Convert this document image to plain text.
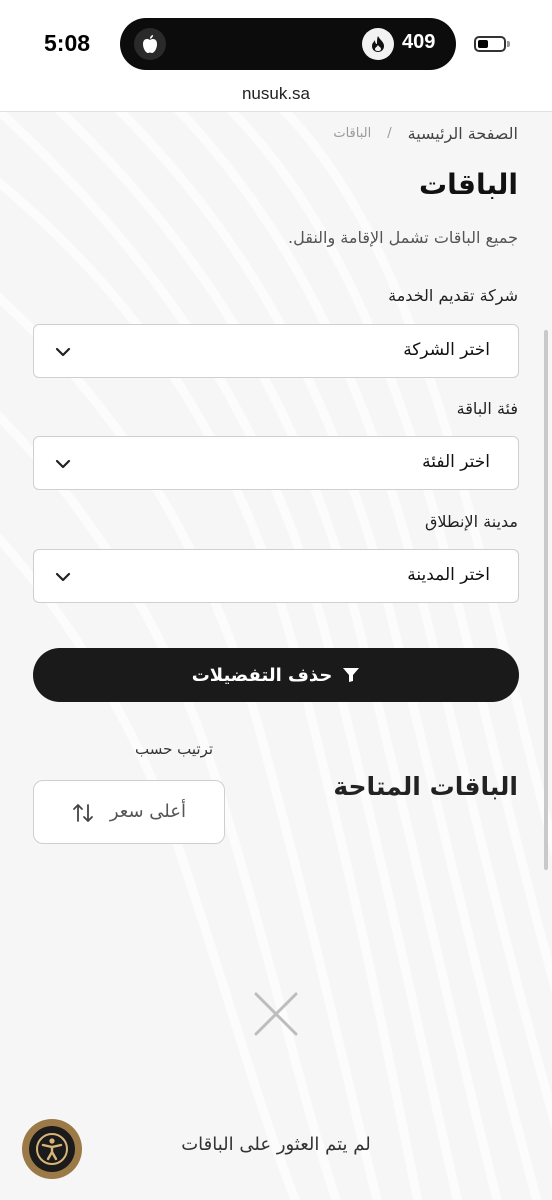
5:08	409
nusuk.sa
الصفحة الرئيسية
/
الباقات
الباقات
جميع الباقات تشمل الإقامة والنقل.
شركة تقديم الخدمة
اختر الشركة
فئة الباقة
اختر الفئة
مدينة الإنطلاق
اختر المدينة
حذف التفضيلات
الباقات المتاحة
ترتيب حسب
أعلى سعر
لم يتم العثور على الباقات
